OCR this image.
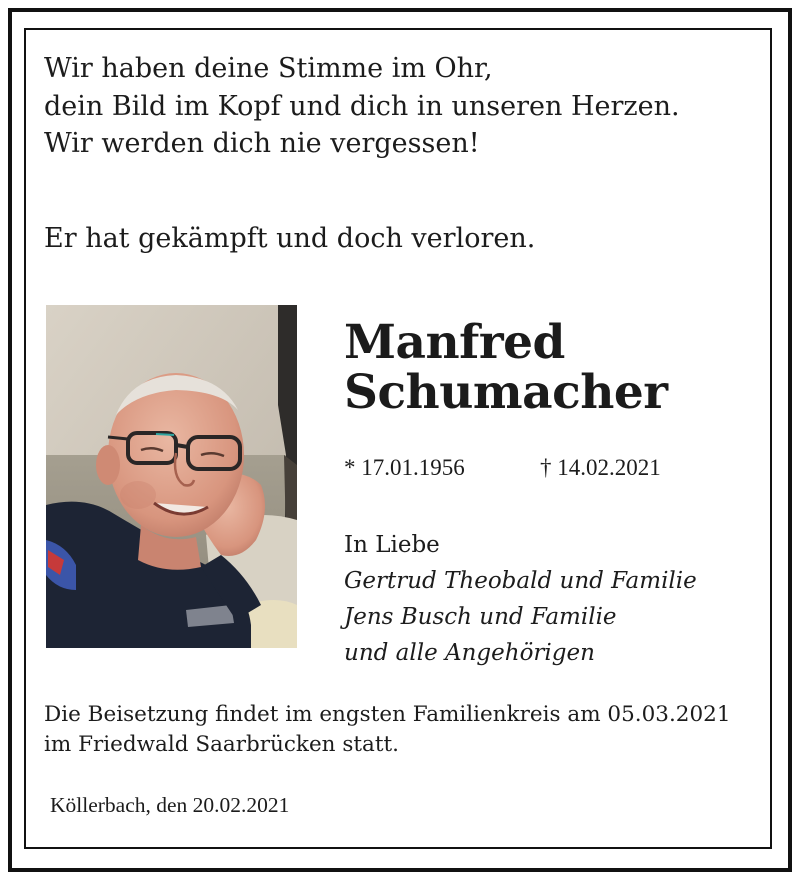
Wir haben deine Stimme im Ohr,
dein Bild im Kopf und dich in unseren Herzen.
Wir werden dich nie vergessen!

Er hat gekämpft und doch verloren.

Manfred
Schumacher
* 17.01.1956	† 14.02.2021
In Liebe
Gertrud Theobald und Familie
Jens Busch und Familie
und alle Angehörigen

Die Beisetzung findet im engsten Familienkreis am 05.03.2021
im Friedwald Saarbrücken statt.

Köllerbach, den 20.02.2021
